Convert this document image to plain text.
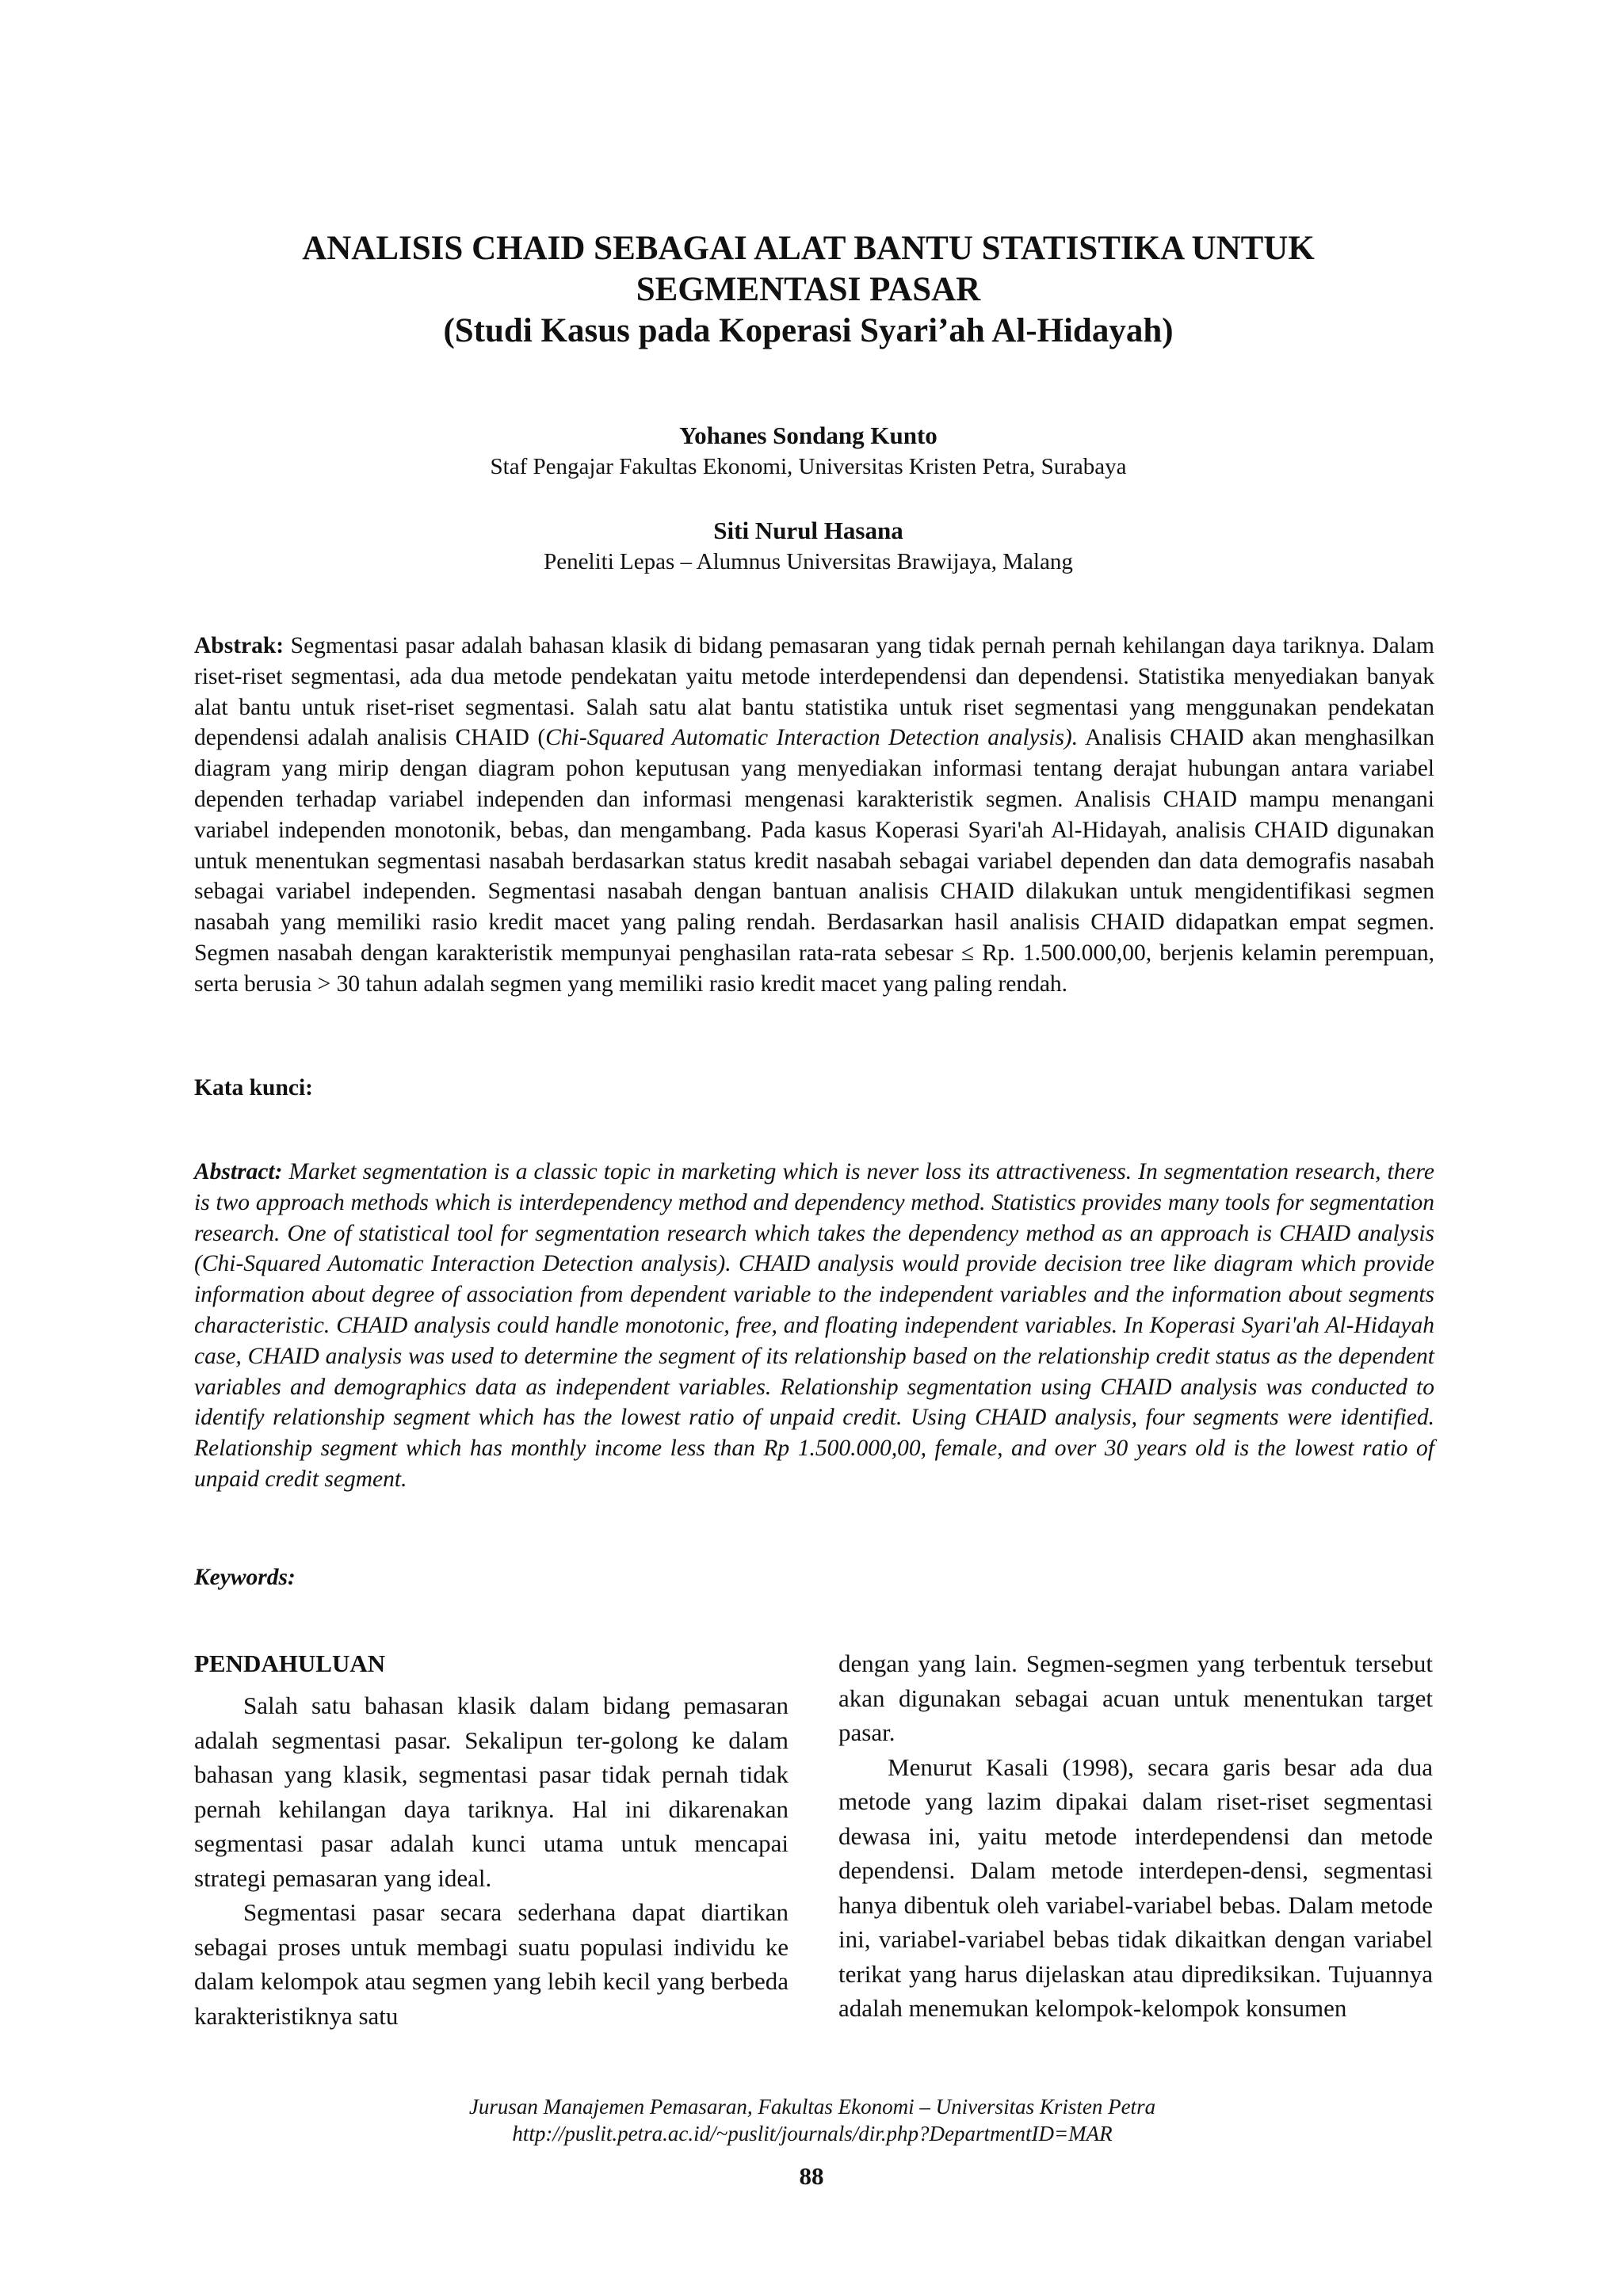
ANALISIS CHAID SEBAGAI ALAT BANTU STATISTIKA UNTUK

SEGMENTASI PASAR

(Studi Kasus pada Koperasi Syari’ah Al-Hidayah)

Yohanes Sondang Kunto

Staf Pengajar Fakultas Ekonomi, Universitas Kristen Petra, Surabaya

Siti Nurul Hasana

Peneliti Lepas – Alumnus Universitas Brawijaya, Malang

Abstrak: Segmentasi pasar adalah bahasan klasik di bidang pemasaran yang tidak pernah pernah kehilangan daya tariknya. Dalam riset-riset segmentasi, ada dua metode pendekatan yaitu metode interdependensi dan dependensi. Statistika menyediakan banyak alat bantu untuk riset-riset segmentasi. Salah satu alat bantu statistika untuk riset segmentasi yang menggunakan pendekatan dependensi adalah analisis CHAID (Chi-Squared Automatic Interaction Detection analysis). Analisis CHAID akan menghasilkan diagram yang mirip dengan diagram pohon keputusan yang menyediakan informasi tentang derajat hubungan antara variabel dependen terhadap variabel independen dan informasi mengenasi karakteristik segmen. Analisis CHAID mampu menangani variabel independen monotonik, bebas, dan mengambang. Pada kasus Koperasi Syari'ah Al-Hidayah, analisis CHAID digunakan untuk menentukan segmentasi nasabah berdasarkan status kredit nasabah sebagai variabel dependen dan data demografis nasabah sebagai variabel independen. Segmentasi nasabah dengan bantuan analisis CHAID dilakukan untuk mengidentifikasi segmen nasabah yang memiliki rasio kredit macet yang paling rendah. Berdasarkan hasil analisis CHAID didapatkan empat segmen. Segmen nasabah dengan karakteristik mempunyai penghasilan rata-rata sebesar ≤ Rp. 1.500.000,00, berjenis kelamin perempuan, serta berusia > 30 tahun adalah segmen yang memiliki rasio kredit macet yang paling rendah.
Kata kunci:
Abstract: Market segmentation is a classic topic in marketing which is never loss its attractiveness. In segmentation research, there is two approach methods which is interdependency method and dependency method. Statistics provides many tools for segmentation research. One of statistical tool for segmentation research which takes the dependency method as an approach is CHAID analysis (Chi-Squared Automatic Interaction Detection analysis). CHAID analysis would provide decision tree like diagram which provide information about degree of association from dependent variable to the independent variables and the information about segments characteristic. CHAID analysis could handle monotonic, free, and floating independent variables. In Koperasi Syari'ah Al-Hidayah case, CHAID analysis was used to determine the segment of its relationship based on the relationship credit status as the dependent variables and demographics data as independent variables. Relationship segmentation using CHAID analysis was conducted to identify relationship segment which has the lowest ratio of unpaid credit. Using CHAID analysis, four segments were identified. Relationship segment which has monthly income less than Rp 1.500.000,00, female, and over 30 years old is the lowest ratio of unpaid credit segment.
Keywords:

PENDAHULUAN

Salah satu bahasan klasik dalam bidang pemasaran adalah segmentasi pasar. Sekalipun ter-golong ke dalam bahasan yang klasik, segmentasi pasar tidak pernah tidak pernah kehilangan daya tariknya. Hal ini dikarenakan segmentasi pasar adalah kunci utama untuk mencapai strategi pemasaran yang ideal.

Segmentasi pasar secara sederhana dapat diartikan sebagai proses untuk membagi suatu populasi individu ke dalam kelompok atau segmen yang lebih kecil yang berbeda karakteristiknya satu

dengan yang lain. Segmen-segmen yang terbentuk tersebut akan digunakan sebagai acuan untuk menentukan target pasar.

Menurut Kasali (1998), secara garis besar ada dua metode yang lazim dipakai dalam riset-riset segmentasi dewasa ini, yaitu metode interdependensi dan metode dependensi. Dalam metode interdepen-densi, segmentasi hanya dibentuk oleh variabel-variabel bebas. Dalam metode ini, variabel-variabel bebas tidak dikaitkan dengan variabel terikat yang harus dijelaskan atau diprediksikan. Tujuannya adalah menemukan kelompok-kelompok konsumen

Jurusan Manajemen Pemasaran, Fakultas Ekonomi – Universitas Kristen Petra
http://puslit.petra.ac.id/~puslit/journals/dir.php?DepartmentID=MAR
88
